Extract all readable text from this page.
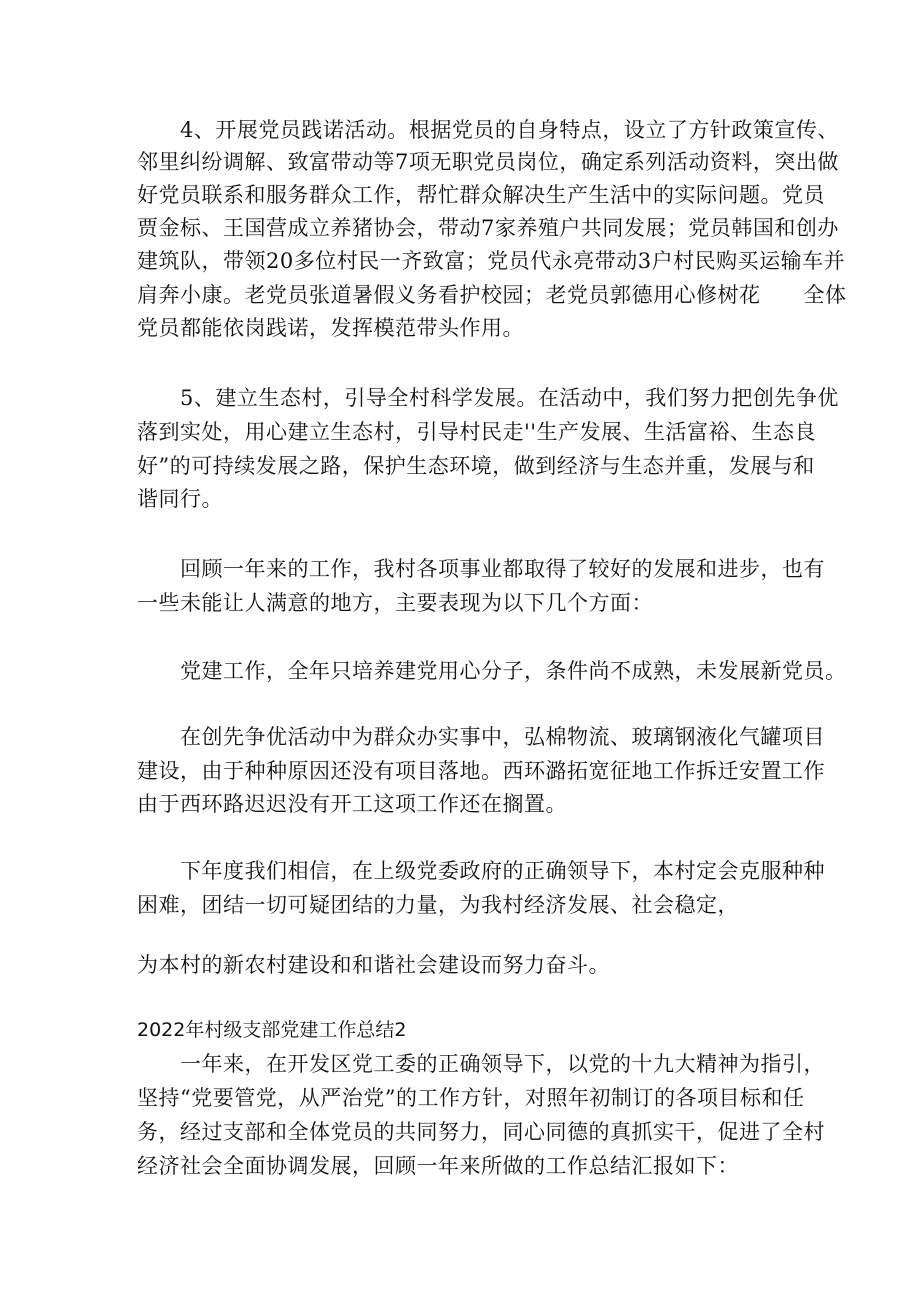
4、开展党员践诺活动。根据党员的自身特点，设立了方针政策宣传、
邻里纠纷调解、致富带动等7项无职党员岗位，确定系列活动资料，突出做
好党员联系和服务群众工作，帮忙群众解决生产生活中的实际问题。党员
贾金标、王国营成立养猪协会，带动7家养殖户共同发展；党员韩国和创办
建筑队，带领20多位村民一齐致富；党员代永亮带动3户村民购买运输车并
肩奔小康。老党员张道暑假义务看护校园；老党员郭德用心修树花　　全体
党员都能依岗践诺，发挥模范带头作用。
5、建立生态村，引导全村科学发展。在活动中，我们努力把创先争优
落到实处，用心建立生态村，引导村民走''生产发展、生活富裕、生态良
好”的可持续发展之路，保护生态环境，做到经济与生态并重，发展与和
谐同行。
回顾一年来的工作，我村各项事业都取得了较好的发展和进步，也有
一些未能让人满意的地方，主要表现为以下几个方面：
党建工作，全年只培养建党用心分子，条件尚不成熟，未发展新党员。
在创先争优活动中为群众办实事中，弘棉物流、玻璃钢液化气罐项目
建设，由于种种原因还没有项目落地。西环潞拓宽征地工作拆迁安置工作
由于西环路迟迟没有开工这项工作还在搁置。
下年度我们相信，在上级党委政府的正确领导下，本村定会克服种种
困难，团结一切可疑团结的力量，为我村经济发展、社会稳定，
为本村的新农村建设和和谐社会建设而努力奋斗。
2022年村级支部党建工作总结2
一年来，在开发区党工委的正确领导下，以党的十九大精神为指引，
坚持“党要管党，从严治党”的工作方针，对照年初制订的各项目标和任
务，经过支部和全体党员的共同努力，同心同德的真抓实干，促进了全村
经济社会全面协调发展，回顾一年来所做的工作总结汇报如下：
